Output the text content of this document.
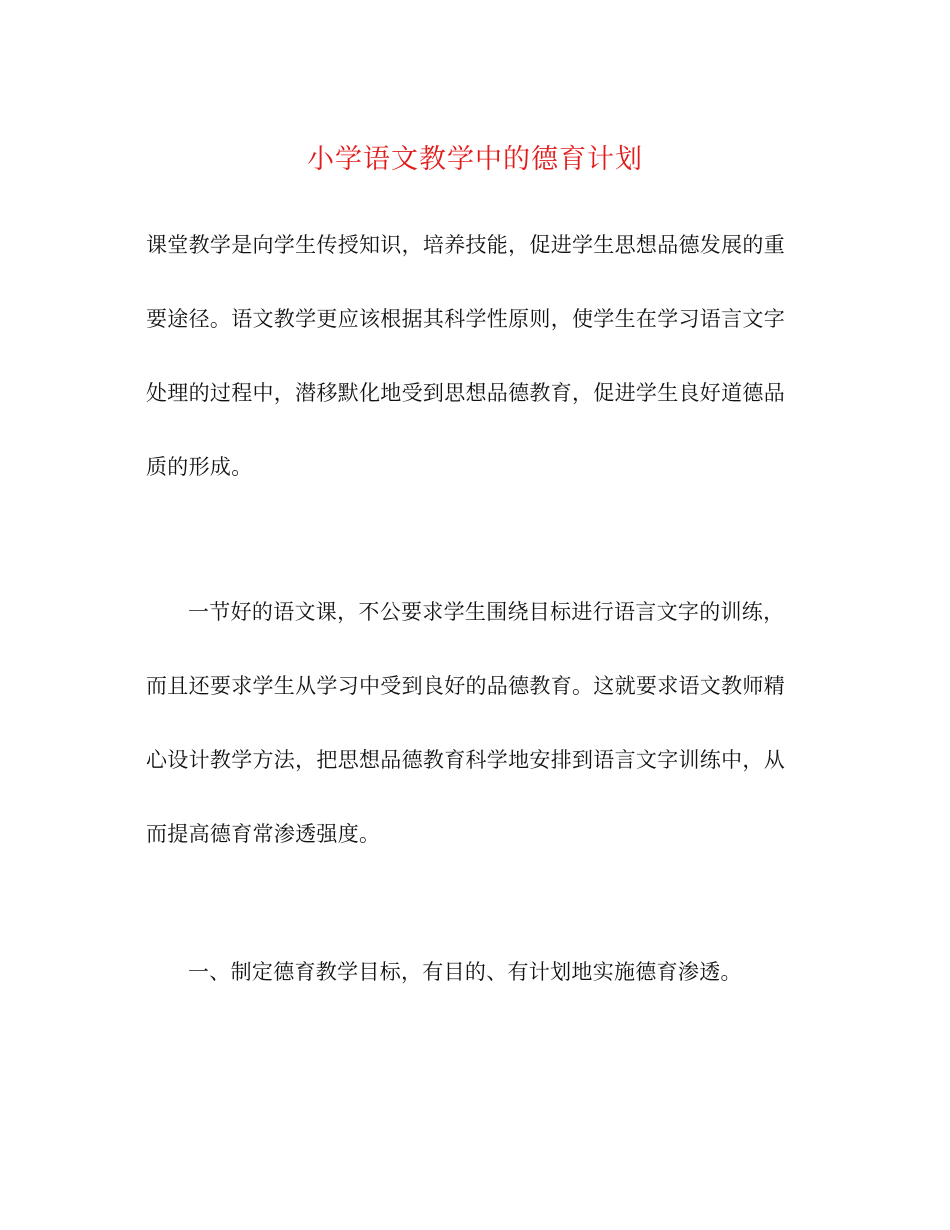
小学语文教学中的德育计划

课堂教学是向学生传授知识，培养技能，促进学生思想品德发展的重
要途径。语文教学更应该根据其科学性原则，使学生在学习语言文字
处理的过程中，潜移默化地受到思想品德教育，促进学生良好道德品
质的形成。

一节好的语文课，不公要求学生围绕目标进行语言文字的训练，
而且还要求学生从学习中受到良好的品德教育。这就要求语文教师精
心设计教学方法，把思想品德教育科学地安排到语言文字训练中，从
而提高德育常渗透强度。

一、制定德育教学目标，有目的、有计划地实施德育渗透。
